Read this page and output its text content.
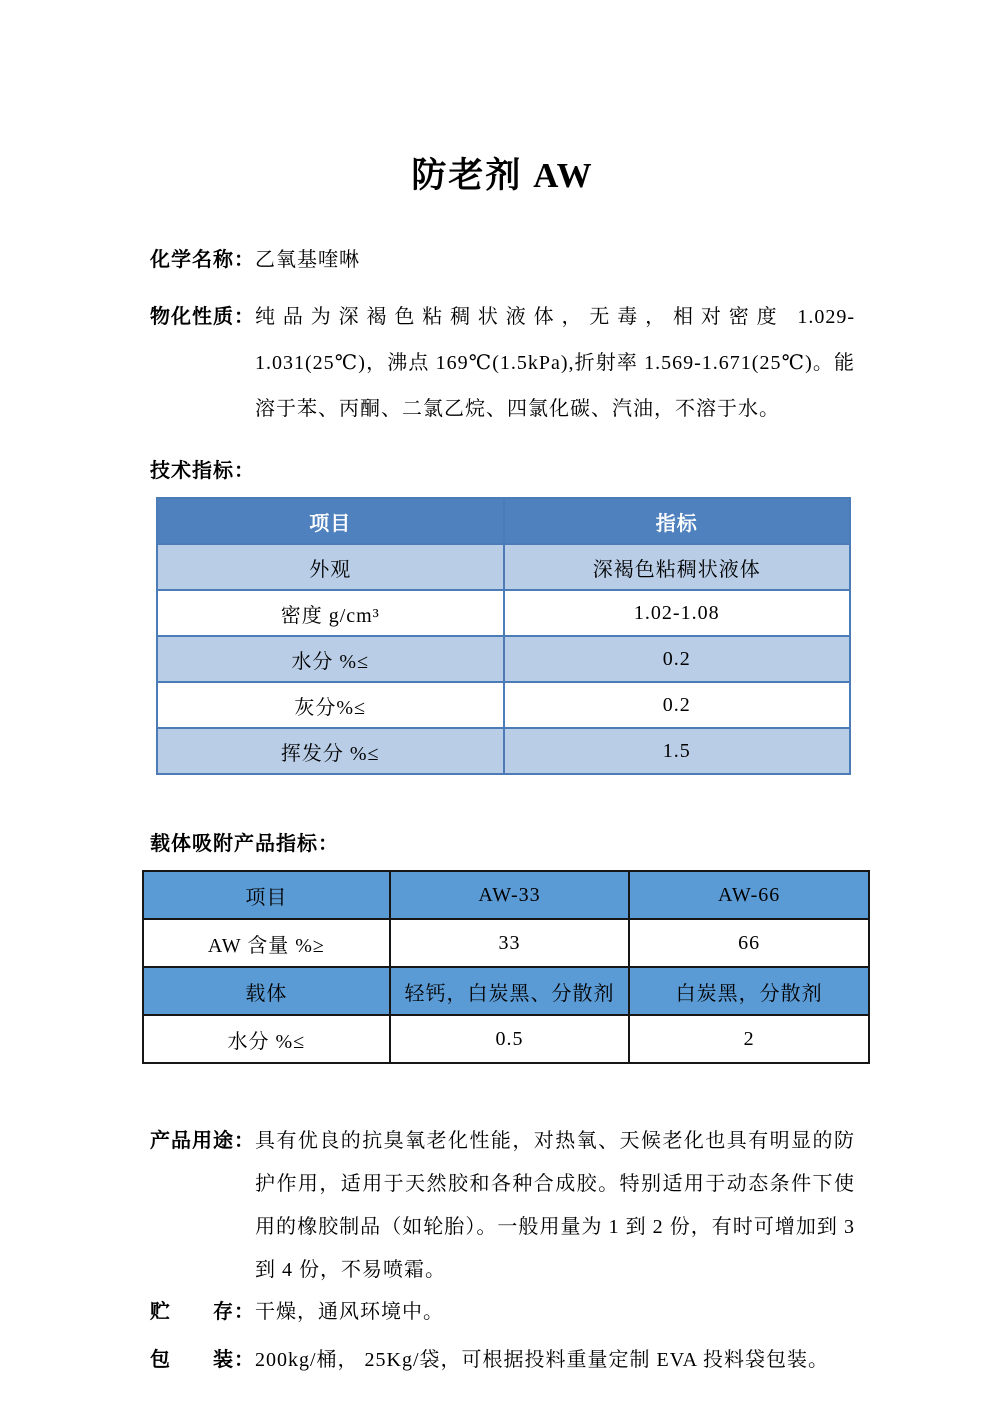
防老剂 AW
化学名称： 乙氧基喹啉
物化性质： 纯品为深褐色粘稠状液体，无毒，相对密度 1.029- 1.031(25℃)，沸点 169℃(1.5kPa),折射率 1.569-1.671(25℃)。能溶于苯、丙酮、二氯乙烷、四氯化碳、汽油，不溶于水。
技术指标：
项目	指标
外观	深褐色粘稠状液体
密度 g/cm³	1.02-1.08
水分 %≤	0.2
灰分%≤	0.2
挥发分 %≤	1.5
载体吸附产品指标：
项目	AW-33	AW-66
AW 含量 %≥	33	66
载体	轻钙，白炭黑、分散剂	白炭黑，分散剂
水分 %≤	0.5	2
产品用途： 具有优良的抗臭氧老化性能，对热氧、天候老化也具有明显的防护作用，适用于天然胶和各种合成胶。特别适用于动态条件下使用的橡胶制品（如轮胎）。一般用量为 1 到 2 份，有时可增加到 3 到 4 份，不易喷霜。
贮　　存： 干燥，通风环境中。
包　　装： 200kg/桶， 25Kg/袋，可根据投料重量定制 EVA 投料袋包装。
